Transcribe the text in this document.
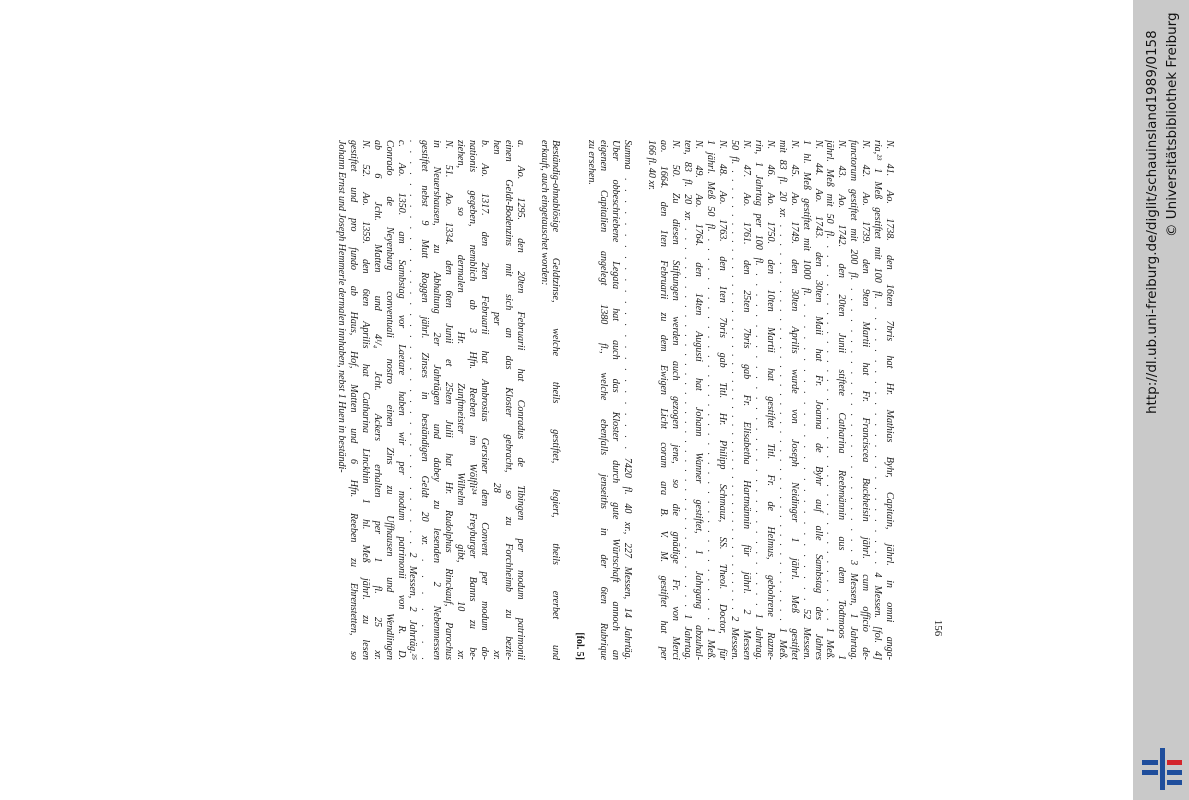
N. 41. Ao. 1738. den 16ten 7bris hat Hr. Mathias Byhr, Capitain, jährl. in omni anga-
ria,²³ 1 Meß gestiftet mit 100 fl. . . . . . . . . . . . . . . . . . . . . . . . . . 4 Messen. [fol. 4]
N. 42. Ao. 1739. den 9ten Martii hat Fr. Franciscea Buckheisin jährl. cum officio de-
functorum gestiftet mit 200 fl. . . . . . . . . . . . . . . . . . . . . . . . . . . 3 Messen, 1 Jahrtag.
N. 43. Ao. 1742. den 20ten Junii stiftete Catharina Reebmännin aus dem Todtmoos 1
jährl. Meß mit 50 fl. . . . . . . . . . . . . . . . . . . . . . . . . . . . . . . . . . . . . . . . . 1 Meß.
N. 44. Ao. 1743. den 30ten Maii hat Fr. Joanna de Byhr auf alle Sambstag des Jahres
1 hl. Meß gestiftet mit 1000 fl. . . . . . . . . . . . . . . . . . . . . . . . . . . . . 52 Messen.
N. 45. Ao. 1749. den 30ten Aprilis wurde von Joseph Neidinger 1 jährl. Meß gestiftet
mit 83 fl. 20 xr. . . . . . . . . . . . . . . . . . . . . . . . . . . . . . . . . . . . . . . . . . . . 1 Meß.
N. 46. Ao. 1750. den 10ten Martii hat gestiftet Titl. Fr. de Helmus, gebohrene Razne-
rin, 1 Jahrtag per 100 fl. . . . . . . . . . . . . . . . . . . . . . . . . . . . . . . . . . 1 Jahrtag.
N. 47. Ao. 1761. den 25ten 7bris gab Fr. Elisabetha Hartmännin für jährl. 2 Messen
50 fl. . . . . . . . . . . . . . . . . . . . . . . . . . . . . . . . . . . . . . . . . . . . . . . . . . . . 2 Messen.
N. 48. Ao. 1763. den 1ten 7bris gab Titl. Hr. Philipp Schmauz, SS. Theol. Doctor, für
1 jährl. Meß 50 fl. . . . . . . . . . . . . . . . . . . . . . . . . . . . . . . . . . . . . . . . . 1 Meß.
N. 49. Ao. 1764. den 14ten Augusti hat Johann Wanner gestiftet, 1 Jahrgang abzuhal-
ten, 83 fl. 20 xr. . . . . . . . . . . . . . . . . . . . . . . . . . . . . . . . . . . . . . . . . 1 Jahrtag.
N. 50. Zu diesen Stiftungen werden auch gezogen jene, so die gnädige Fr. von Merci
ao. 1664. den 1ten Februarii zu dem Ewigen Licht coram ara B. V. M. gestiftet hat per
166 fl. 40 xr.
Summa . . . . . . . . . . . . . . . . . . . . . . . . . 7420 fl. 40 xr., 227 Messen, 14 Jahrtäg.
Über obbeschriebene Legata hat auch das Kloster durch gute Würtschaft annoch an
eigenen Capitalien angelegt 1380 fl., welche ebenfalls jenseiths in der 6ten Rubrique
zu ersehen.
[fol. 5]
Beständig-ohnablösige Geldtzinse, welche theils gestiftet, legiert, theils ererbet und
erkauft, auch eingetauschet worden:
a. Ao. 1295. den 20ten Februarii hat Conradus de Tibingen per modum patrimonii
einen Geldt-Bodenzins mit sich an das Kloster gebracht, so zu Forchheimb zu bezie-
hen per 28 xr.
b. Ao. 1317. den 2ten Februarii hat Ambrosius Gersiner dem Convent per modum do-
nationis gegeben, nemblich ab 3 Hfn. Reeben im Wölfli²⁴ Freyburger Banns zu be-
ziehen, so dermalen Hr. Zunftmeister Wilhelm gibt, 10 xr.
N. 51. Ao. 1334. den 6ten Junii et 25ten Julii hat Hr. Rudolphus Rinckauf, Parochus
in Neuershausen, zu Abhaltung 2er Jahrtägen und dabey zu lesenden 2 Nebenmessen
gestiftet nebst 9 Mutt Roggen jährl. Zinses in beständigen Geldt 20 xr. . . . . . . .
. . . . . . . . . . . . . . . . . . . . . . . . . . . . . . . . . . . . . . 2 Messen, 2 Jahrtäg.²⁵
c. Ao. 1350. am Sambstag vor Laetare haben wir per modum patrimonii von R. D.
Conrado de Neyenburg conventuali nostro einen Zins zu Uffhausen und Wendlingen
ab 6 Jcht. Matten und 4¹/₄ Jcht. Ackers erhalten per 1 fl. 25 xr.
N. 52. Ao. 1359. den 6ten Aprilis hat Catharina Linckhin 1 hl. Meß jährl. zu lesen
gestiftet und pro fundo ab Haus, Hof, Matten und 6 Hfn. Reeben zu Ehrenstetten, so
Johann Ernst und Joseph Hemmerle dermalen innhaben, nebst 1 Huen in beständi-
156
http://dl.ub.uni-freiburg.de/diglit/schauinsland1989/0158 © Universitätsbibliothek Freiburg
